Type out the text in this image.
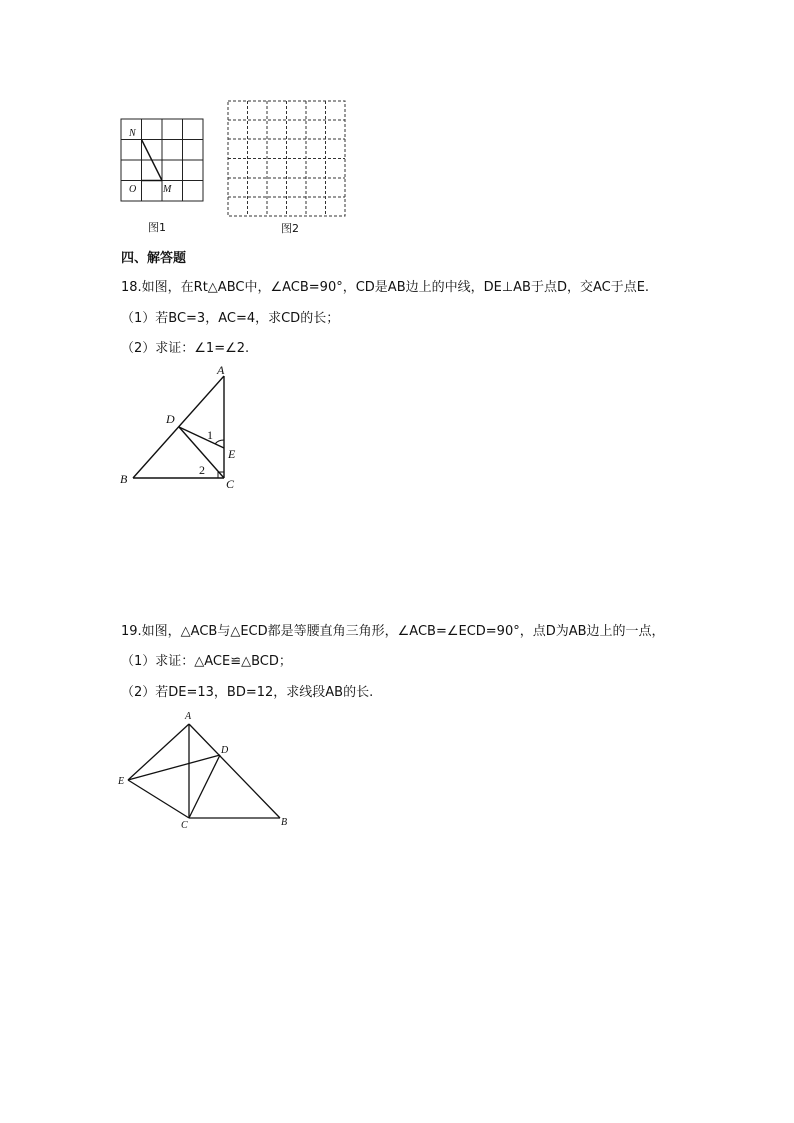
N
O	M
图1	图2
四、解答题
18.如图，在Rt△ABC中，∠ACB=90°，CD是AB边上的中线，DE⊥AB于点D，交AC于点E.
（1）若BC=3，AC=4，求CD的长；
（2）求证：∠1=∠2.
A
D
E
B	C
1
2
19.如图，△ACB与△ECD都是等腰直角三角形，∠ACB=∠ECD=90°，点D为AB边上的一点，
（1）求证：△ACE≌△BCD；
（2）若DE=13，BD=12，求线段AB的长.
A
D
E
C	B
